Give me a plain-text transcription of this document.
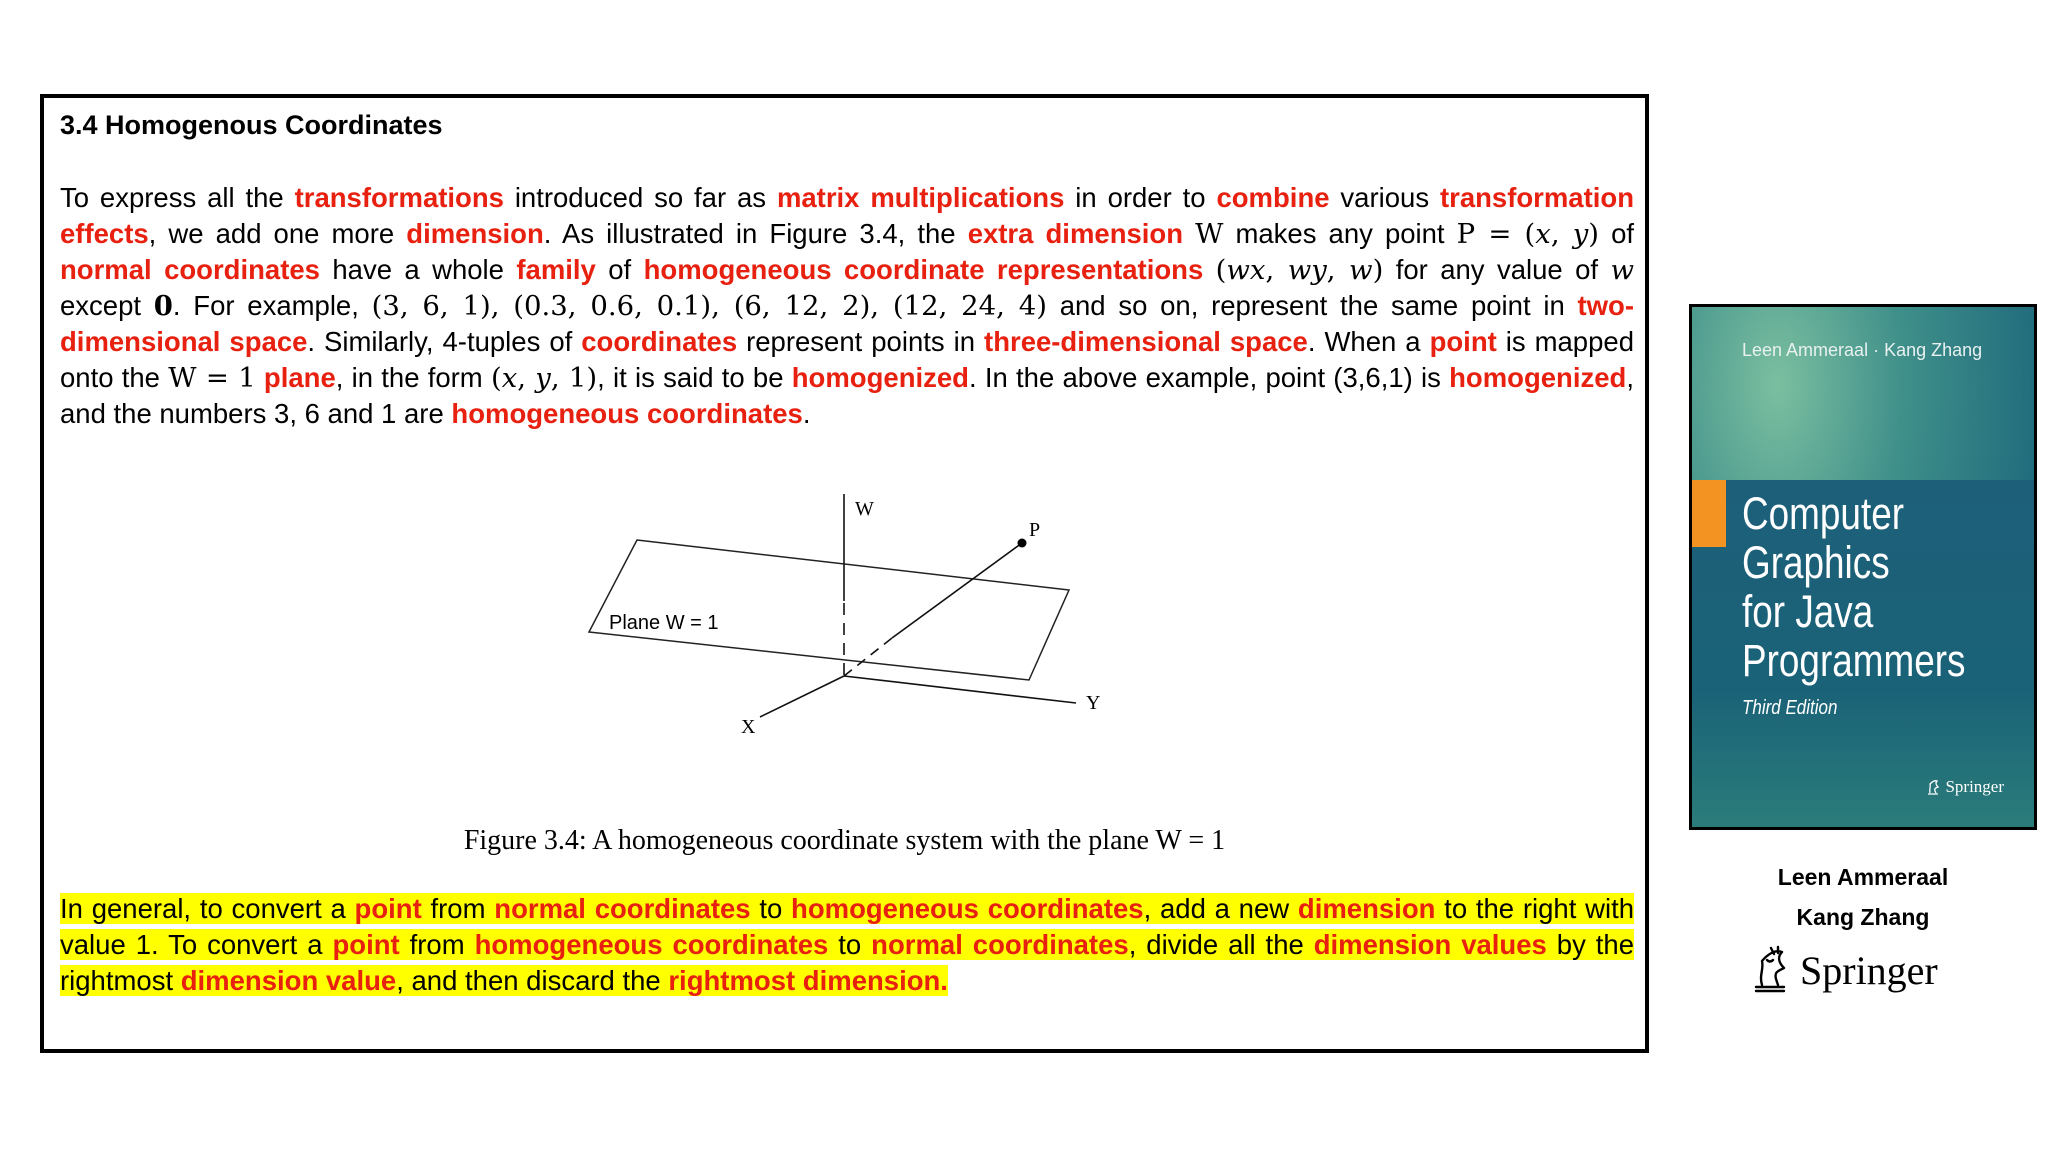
3.4 Homogenous Coordinates

To express all the transformations introduced so far as matrix multiplications in order to combine various transformation effects, we add one more dimension. As illustrated in Figure 3.4, the extra dimension W makes any point P = (x, y) of normal coordinates have a whole family of homogeneous coordinate representations (wx, wy, w) for any value of w except 0. For example, (3, 6, 1), (0.3, 0.6, 0.1), (6, 12, 2), (12, 24, 4) and so on, represent the same point in two-dimensional space. Similarly, 4-tuples of coordinates represent points in three-dimensional space. When a point is mapped onto the W = 1 plane, in the form (x, y, 1), it is said to be homogenized. In the above example, point (3,6,1) is homogenized, and the numbers 3, 6 and 1 are homogeneous coordinates.

W
P
Plane W = 1
X
Y

Figure 3.4: A homogeneous coordinate system with the plane W = 1

In general, to convert a point from normal coordinates to homogeneous coordinates, add a new dimension to the right with value 1. To convert a point from homogeneous coordinates to normal coordinates, divide all the dimension values by the rightmost dimension value, and then discard the rightmost dimension.

Leen Ammeraal · Kang Zhang
Computer
Graphics
for Java
Programmers
Third Edition
Springer
Leen Ammeraal
Kang Zhang
Springer
